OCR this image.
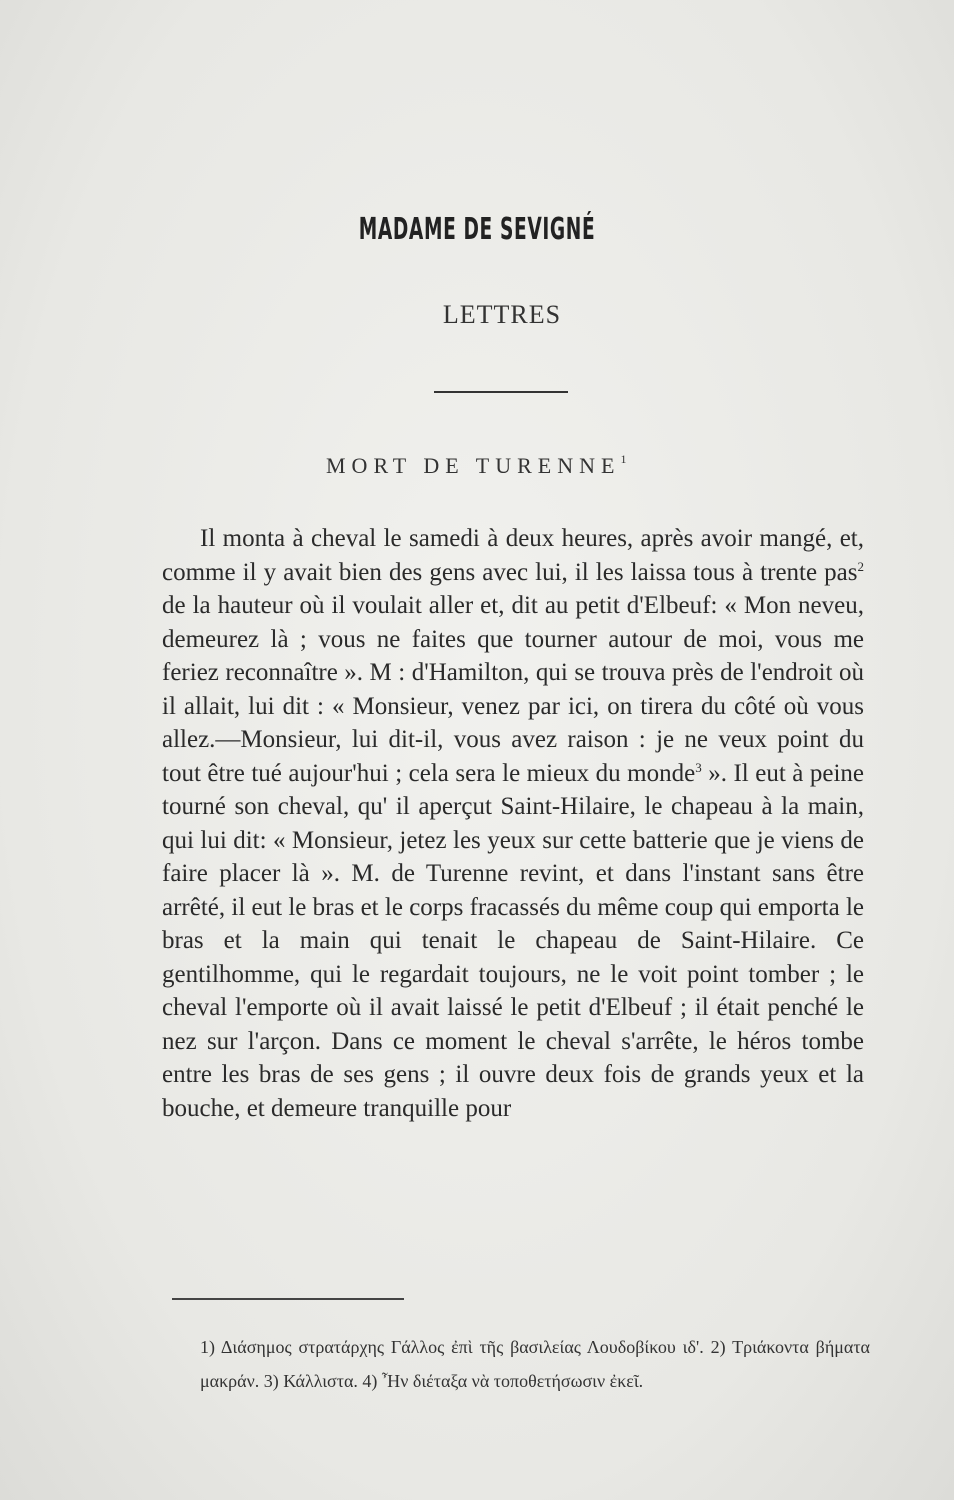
MADAME DE SEVIGNÉ
LETTRES
MORT DE TURENNE$^1$
Il monta à cheval le samedi à deux heures, après avoir mangé, et, comme il y avait bien des gens avec lui, il les laissa tous à trente pas$^2$ de la hauteur où il voulait aller et, dit au petit d'Elbeuf: « Mon neveu, demeurez là ; vous ne faites que tourner autour de moi, vous me feriez reconnaître ». M : d'Hamilton, qui se trouva près de l'endroit où il allait, lui dit : « Monsieur, venez par ici, on tirera du côté où vous allez.—Monsieur, lui dit-il, vous avez raison : je ne veux point du tout être tué aujour'hui ; cela sera le mieux du monde$^3$ ». Il eut à peine tourné son cheval, qu' il aperçut Saint-Hilaire, le chapeau à la main, qui lui dit: « Monsieur, jetez les yeux sur cette batterie que je viens de faire placer là ». M. de Turenne revint, et dans l'instant sans être arrêté, il eut le bras et le corps fracassés du même coup qui emporta le bras et la main qui tenait le chapeau de Saint-Hilaire. Ce gentilhomme, qui le regardait toujours, ne le voit point tomber ; le cheval l'emporte où il avait laissé le petit d'Elbeuf ; il était penché le nez sur l'arçon. Dans ce moment le cheval s'arrête, le héros tombe entre les bras de ses gens ; il ouvre deux fois de grands yeux et la bouche, et demeure tranquille pour
1) Διάσημος στρατάρχης Γάλλος ἐπὶ τῆς βασιλείας Λουδοβίκου ιδ'. 2) Τριάκοντα βήματα μακράν. 3) Κάλλιστα. 4) Ἦν διέταξα νὰ τοποθετήσωσιν ἐκεῖ.
